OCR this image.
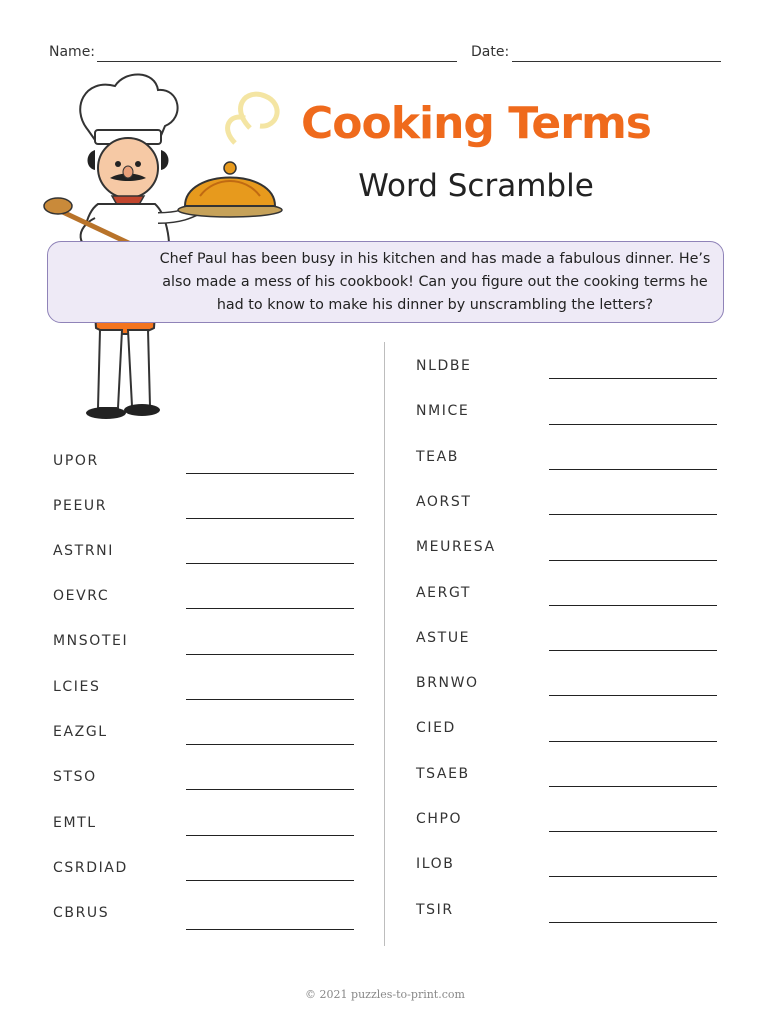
Name:	Date:
Cooking Terms
Word Scramble
Chef Paul has been busy in his kitchen and has made a fabulous dinner. He’s also made a mess of his cookbook! Can you figure out the cooking terms he had to know to make his dinner by unscrambling the letters?
UPOR
PEEUR
ASTRNI
OEVRC
MNSOTEI
LCIES
EAZGL
STSO
EMTL
CSRDIAD
CBRUS
NLDBE
NMICE
TEAB
AORST
MEURESA
AERGT
ASTUE
BRNWO
CIED
TSAEB
CHPO
ILOB
TSIR
© 2021 puzzles-to-print.com
